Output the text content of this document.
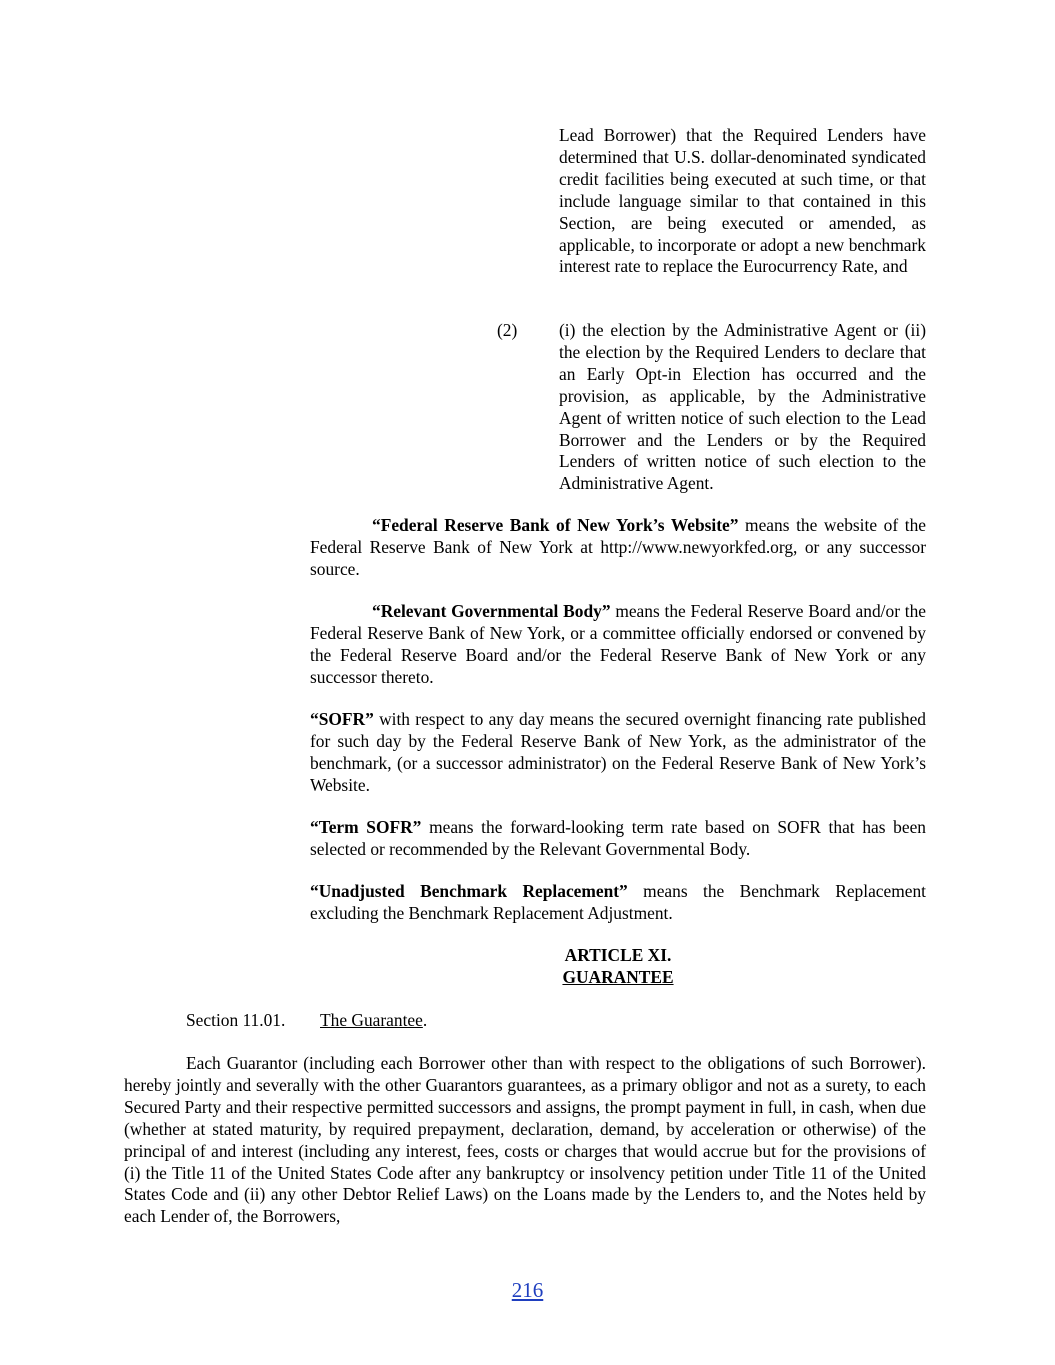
Lead Borrower) that the Required Lenders have determined that U.S. dollar-denominated syndicated credit facilities being executed at such time, or that include language similar to that contained in this Section, are being executed or amended, as applicable, to incorporate or adopt a new benchmark interest rate to replace the Eurocurrency Rate, and

(2) (i) the election by the Administrative Agent or (ii) the election by the Required Lenders to declare that an Early Opt-in Election has occurred and the provision, as applicable, by the Administrative Agent of written notice of such election to the Lead Borrower and the Lenders or by the Required Lenders of written notice of such election to the Administrative Agent.

“Federal Reserve Bank of New York’s Website” means the website of the Federal Reserve Bank of New York at http://www.newyorkfed.org, or any successor source.

“Relevant Governmental Body” means the Federal Reserve Board and/or the Federal Reserve Bank of New York, or a committee officially endorsed or convened by the Federal Reserve Board and/or the Federal Reserve Bank of New York or any successor thereto.

“SOFR” with respect to any day means the secured overnight financing rate published for such day by the Federal Reserve Bank of New York, as the administrator of the benchmark, (or a successor administrator) on the Federal Reserve Bank of New York’s Website.

“Term SOFR” means the forward-looking term rate based on SOFR that has been selected or recommended by the Relevant Governmental Body.

“Unadjusted Benchmark Replacement” means the Benchmark Replacement excluding the Benchmark Replacement Adjustment.

ARTICLE XI.

GUARANTEE

Section 11.01. The Guarantee.

Each Guarantor (including each Borrower other than with respect to the obligations of such Borrower). hereby jointly and severally with the other Guarantors guarantees, as a primary obligor and not as a surety, to each Secured Party and their respective permitted successors and assigns, the prompt payment in full, in cash, when due (whether at stated maturity, by required prepayment, declaration, demand, by acceleration or otherwise) of the principal of and interest (including any interest, fees, costs or charges that would accrue but for the provisions of (i) the Title 11 of the United States Code after any bankruptcy or insolvency petition under Title 11 of the United States Code and (ii) any other Debtor Relief Laws) on the Loans made by the Lenders to, and the Notes held by each Lender of, the Borrowers,

216
